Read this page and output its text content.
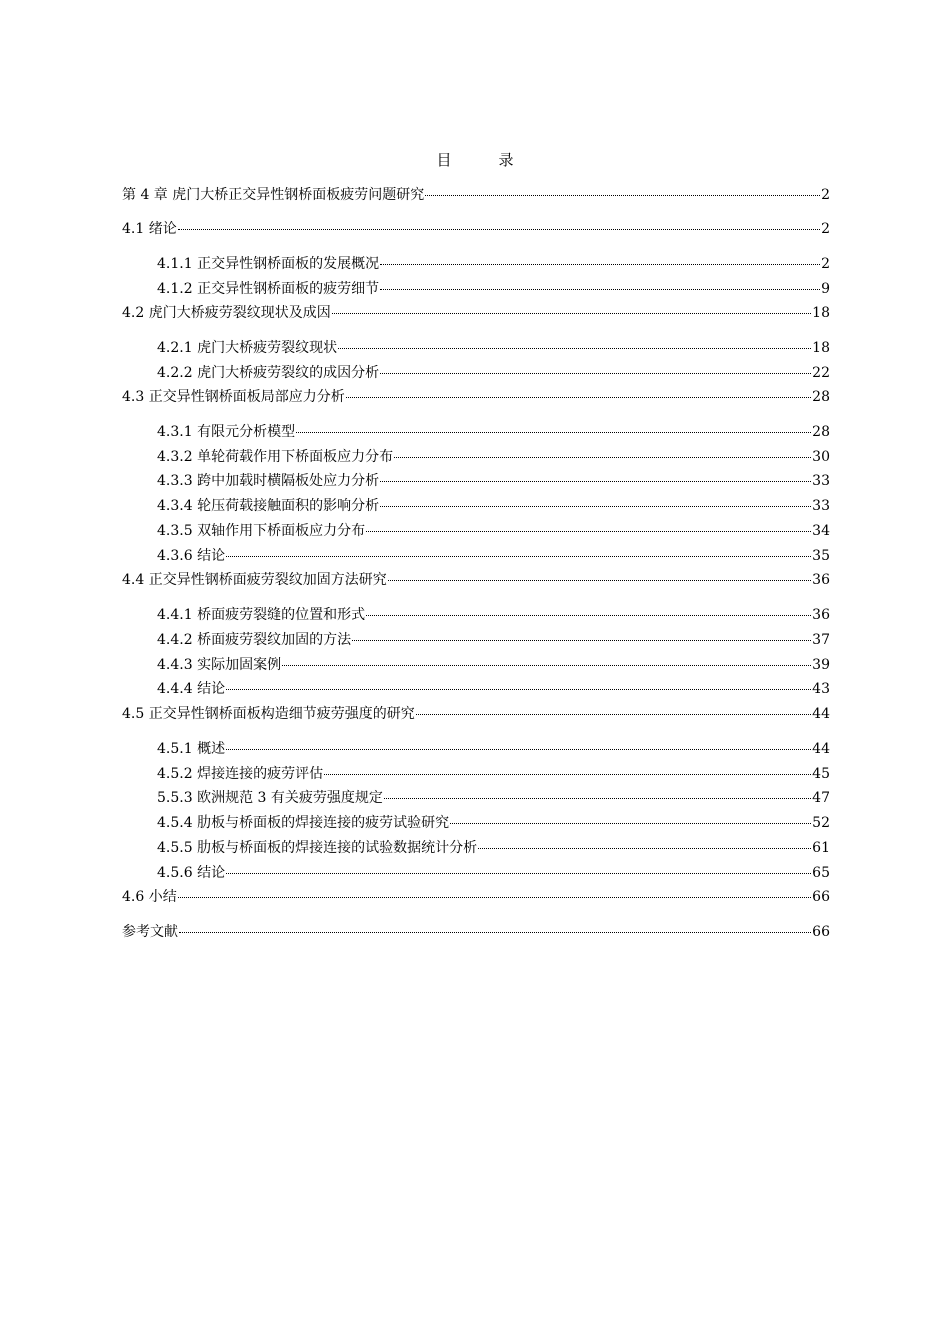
目　录
第 4 章 虎门大桥正交异性钢桥面板疲劳问题研究	2
4.1 绪论	2
4.1.1 正交异性钢桥面板的发展概况	2
4.1.2 正交异性钢桥面板的疲劳细节	9
4.2 虎门大桥疲劳裂纹现状及成因	18
4.2.1 虎门大桥疲劳裂纹现状	18
4.2.2 虎门大桥疲劳裂纹的成因分析	22
4.3 正交异性钢桥面板局部应力分析	28
4.3.1 有限元分析模型	28
4.3.2 单轮荷载作用下桥面板应力分布	30
4.3.3 跨中加载时横隔板处应力分析	33
4.3.4 轮压荷载接触面积的影响分析	33
4.3.5 双轴作用下桥面板应力分布	34
4.3.6 结论	35
4.4 正交异性钢桥面疲劳裂纹加固方法研究	36
4.4.1 桥面疲劳裂缝的位置和形式	36
4.4.2 桥面疲劳裂纹加固的方法	37
4.4.3 实际加固案例	39
4.4.4 结论	43
4.5 正交异性钢桥面板构造细节疲劳强度的研究	44
4.5.1 概述	44
4.5.2 焊接连接的疲劳评估	45
5.5.3 欧洲规范 3 有关疲劳强度规定	47
4.5.4 肋板与桥面板的焊接连接的疲劳试验研究	52
4.5.5 肋板与桥面板的焊接连接的试验数据统计分析	61
4.5.6 结论	65
4.6 小结	66
参考文献	66
